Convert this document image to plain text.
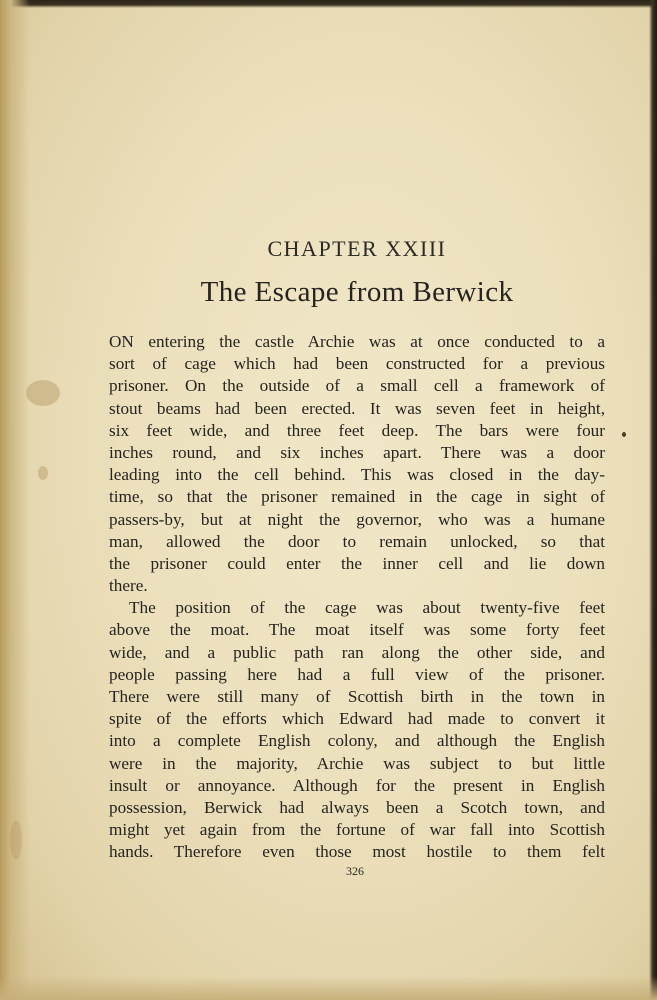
CHAPTER XXIII
The Escape from Berwick
ON entering the castle Archie was at once conducted to a
sort of cage which had been constructed for a previous
prisoner. On the outside of a small cell a framework of
stout beams had been erected. It was seven feet in height,
six feet wide, and three feet deep. The bars were four
inches round, and six inches apart. There was a door
leading into the cell behind. This was closed in the day-
time, so that the prisoner remained in the cage in sight of
passers-by, but at night the governor, who was a humane
man, allowed the door to remain unlocked, so that
the prisoner could enter the inner cell and lie down
there.
The position of the cage was about twenty-five feet
above the moat. The moat itself was some forty feet
wide, and a public path ran along the other side, and
people passing here had a full view of the prisoner.
There were still many of Scottish birth in the town in
spite of the efforts which Edward had made to convert it
into a complete English colony, and although the English
were in the majority, Archie was subject to but little
insult or annoyance. Although for the present in English
possession, Berwick had always been a Scotch town, and
might yet again from the fortune of war fall into Scottish
hands. Therefore even those most hostile to them felt
326
